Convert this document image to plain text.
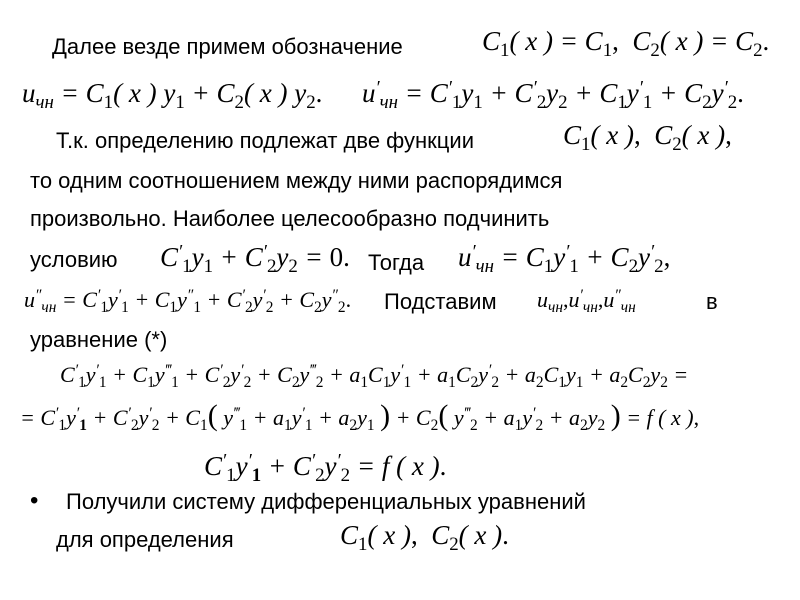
Далее везде примем обозначение	$C_1$( x ) = $C_1$, $C_2$( x ) = $C_2$.
$u_{чн} = C_1$( x ) $y_1 + C_2$( x ) $y_2$. $u'_{чн} = C'_1y_1 + C'_2y_2 + C_1y'_1 + C_2y'_2$.
Т.к. определению подлежат две функции	$C_1$( x ), $C_2$( x ),
то одним соотношением между ними распорядимся
произвольно. Наиболее целесообразно подчинить
условию $C'_1y_1 + C'_2y_2 = 0$. Тогда $u'_{чн} = C_1y'_1 + C_2y'_2$,
$u''_{чн} = C'_1y'_1 + C_1y''_1 + C'_2y'_2 + C_2y''_2$. Подставим $u_{чн},u'_{чн},u''_{чн}$	в
уравнение (*)
$C'_1y'_1 + C_1y^‴_1 + C'_2y'_2 + C_2y^‴_2 + a_1C_1y'_1 + a_1C_2y'_2 + a_2C_1y_1 + a_2C_2y_2$ =
= $C'_1y'_1 + C'_2y'_2 + C_1$( $y^‴_1 + a_1y'_1 + a_2y_1$ ) + $C_2$( $y^‴_2 + a_1y'_2 + a_2y_2$ ) = f ( x ),
$C'_1y'_1 + C'_2y'_2 = f$ ( x ).
• Получили систему дифференциальных уравнений
для определения	$C_1$( x ), $C_2$( x ).
